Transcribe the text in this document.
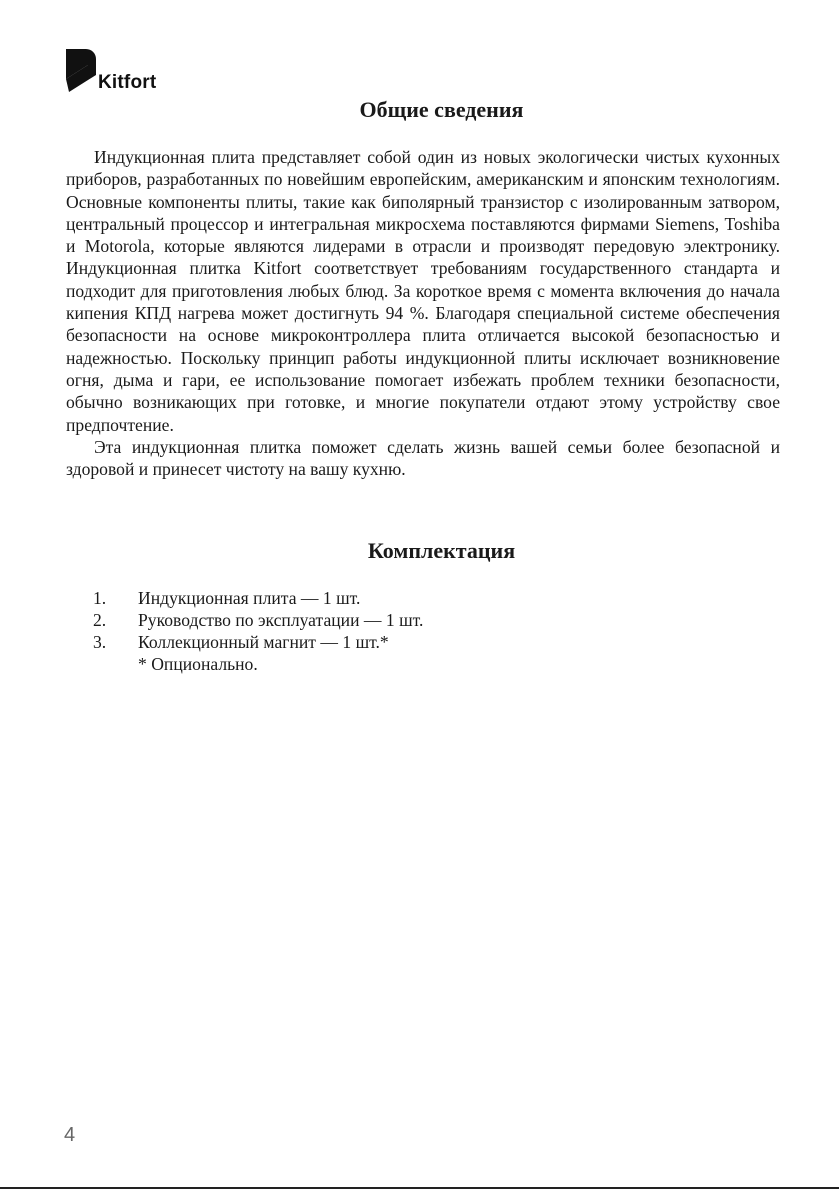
Kitfort
Общие сведения

Индукционная плита представляет собой один из новых экологически чистых кухонных приборов, разработанных по новейшим европейским, американским и японским технологиям. Основные компоненты плиты, такие как биполярный транзистор с изолированным затвором, центральный процессор и интегральная микросхема поставляются фирмами Siemens, Toshiba и Motorola, которые являются лидерами в отрасли и производят передовую электронику. Индукционная плитка Kitfort соответствует требованиям государственного стандарта и подходит для приготовления любых блюд. За короткое время с момента включения до начала кипения КПД нагрева может достигнуть 94 %. Благодаря специальной системе обеспечения безопасности на основе микроконтроллера плита отличается высокой безопасностью и надежностью. Поскольку принцип работы индукционной плиты исключает возникновение огня, дыма и гари, ее использование помогает избежать проблем техники безопасности, обычно возникающих при готовке, и многие покупатели отдают этому устройству свое предпочтение.

Эта индукционная плитка поможет сделать жизнь вашей семьи более безопасной и здоровой и принесет чистоту на вашу кухню.

Комплектация
1.	Индукционная плита — 1 шт.
2.	Руководство по эксплуатации — 1 шт.
3.	Коллекционный магнит — 1 шт.*
* Опционально.
4
